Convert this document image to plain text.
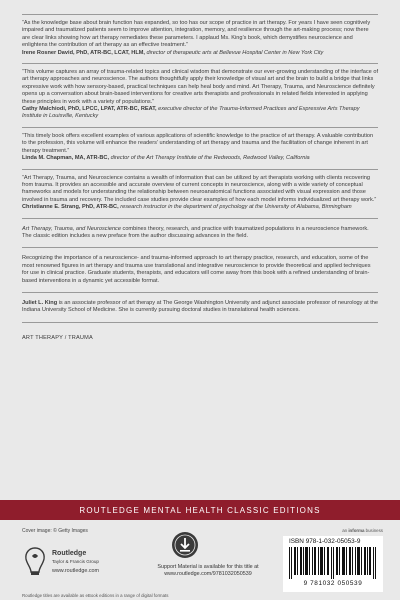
“As the knowledge base about brain function has expanded, so too has our scope of practice in art therapy. For years I have seen cognitively impaired and traumatized patients seem to improve attention, integration, memory, and resilience through the art-making process; now there are clear links showing how art therapy remediates these parameters. I applaud Ms. King’s book, which demystifies neuroscience and enlightens the contribution of art therapy as an effective treatment.”
Irene Rosner David, PhD, ATR-BC, LCAT, HLM, director of therapeutic arts at Bellevue Hospital Center in New York City
“This volume captures an array of trauma-related topics and clinical wisdom that demonstrate our ever-growing understanding of the interface of art therapy approaches and neuroscience. The authors thoughtfully apply their knowledge of visual art and the brain to build a bridge that links expressive work with how sensory-based, practical techniques can help heal body and mind. Art Therapy, Trauma, and Neuroscience definitely opens up a conversation about brain-based interventions for creative arts therapists and professionals in related fields interested in applying these principles in work with a variety of populations.”
Cathy Malchiodi, PhD, LPCC, LPAT, ATR-BC, REAT, executive director of the Trauma-Informed Practices and Expressive Arts Therapy Institute in Louisville, Kentucky
“This timely book offers excellent examples of various applications of scientific knowledge to the practice of art therapy. A valuable contribution to the profession, this volume will enhance the readers’ understanding of art therapy and trauma and the facilitation of change inherent in art therapy treatment.”
Linda M. Chapman, MA, ATR-BC, director of the Art Therapy Institute of the Redwoods, Redwood Valley, California
“Art Therapy, Trauma, and Neuroscience contains a wealth of information that can be utilized by art therapists working with clients recovering from trauma. It provides an accessible and accurate overview of current concepts in neuroscience, along with a wide variety of conceptual frameworks and models for understanding the relationship between neuroanatomical functions associated with visual expression and those involved in trauma and recovery. The included case studies provide clear examples of how each model informs individualized art therapy work.”
Christianne E. Strang, PhD, ATR-BC, research instructor in the department of psychology at the University of Alabama, Birmingham

Art Therapy, Trauma, and Neuroscience combines theory, research, and practice with traumatized populations in a neuroscience framework. The classic edition includes a new preface from the author discussing advances in the field.

Recognizing the importance of a neuroscience- and trauma-informed approach to art therapy practice, research, and education, some of the most renowned figures in art therapy and trauma use translational and integrative neuroscience to provide theoretical and applied techniques for use in clinical practice. Graduate students, therapists, and educators will come away from this book with a refined understanding of brain-based interventions in a dynamic yet accessible format.

Juliet L. King is an associate professor of art therapy at The George Washington University and adjunct associate professor of neurology at the Indiana University School of Medicine. She is currently pursuing doctoral studies in translational health sciences.

ART THERAPY / TRAUMA
ROUTLEDGE MENTAL HEALTH CLASSIC EDITIONS
Cover image: © Getty Images
Routledge
Taylor & Francis Group
www.routledge.com
Support Material is available for this title at
www.routledge.com/9781032050539
an informa business
ISBN 978-1-032-05053-9
9 781032 050539
Routledge titles are available as eBook editions in a range of digital formats
